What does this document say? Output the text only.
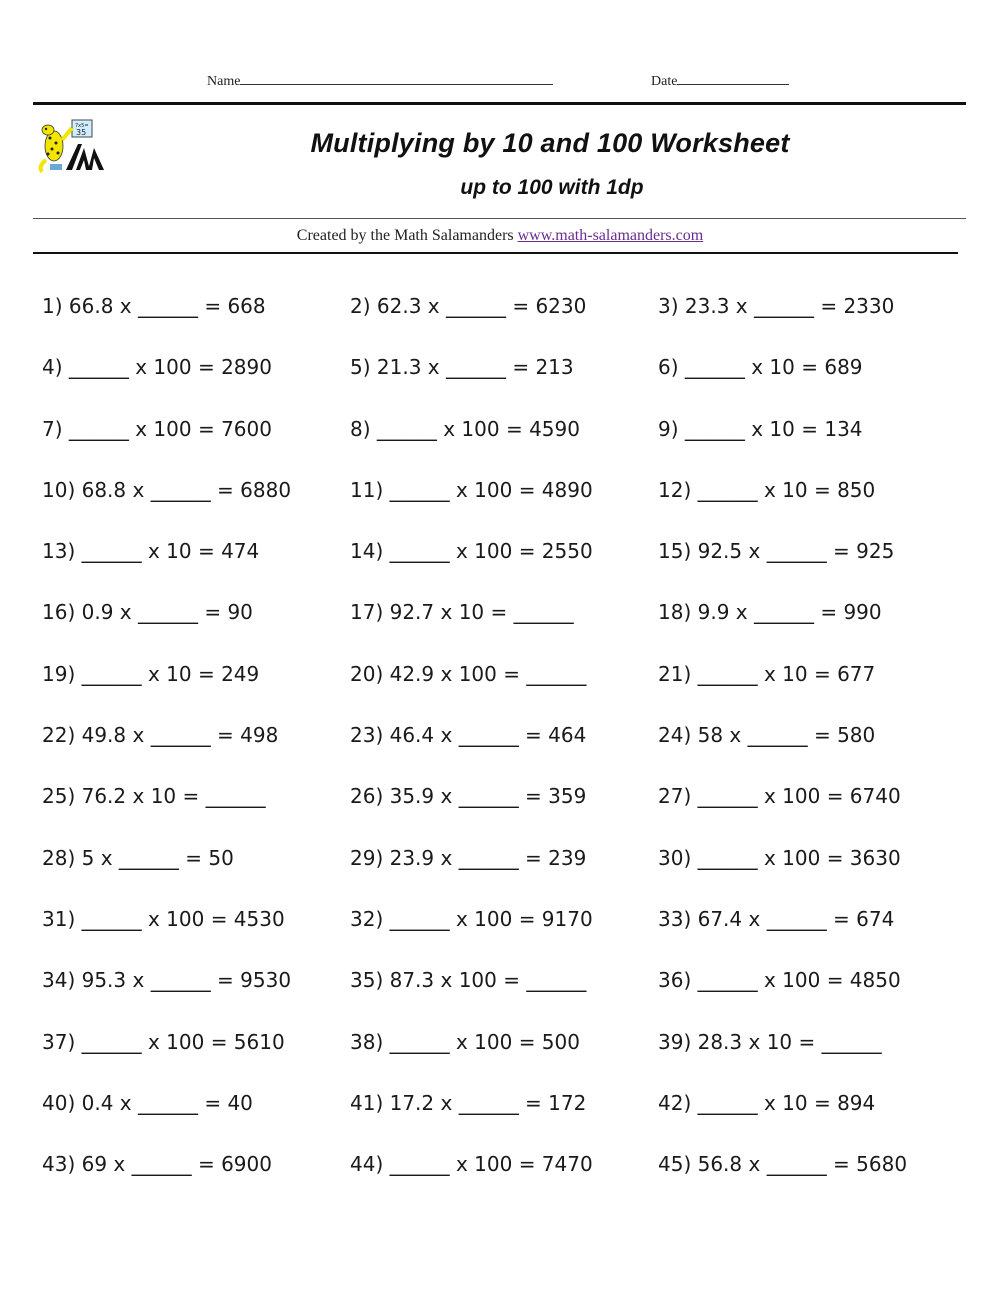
Name	Date
7x5=
35	Multiplying by 10 and 100 Worksheet
up to 100 with 1dp
Created by the Math Salamanders www.math-salamanders.com
1) 66.8 x ______ = 668	2) 62.3 x ______ = 6230	3) 23.3 x ______ = 2330
4) ______ x 100 = 2890	5) 21.3 x ______ = 213	6) ______ x 10 = 689
7) ______ x 100 = 7600	8) ______ x 100 = 4590	9) ______ x 10 = 134
10) 68.8 x ______ = 6880	11) ______ x 100 = 4890	12) ______ x 10 = 850
13) ______ x 10 = 474	14) ______ x 100 = 2550	15) 92.5 x ______ = 925
16) 0.9 x ______ = 90	17) 92.7 x 10 = ______	18) 9.9 x ______ = 990
19) ______ x 10 = 249	20) 42.9 x 100 = ______	21) ______ x 10 = 677
22) 49.8 x ______ = 498	23) 46.4 x ______ = 464	24) 58 x ______ = 580
25) 76.2 x 10 = ______	26) 35.9 x ______ = 359	27) ______ x 100 = 6740
28) 5 x ______ = 50	29) 23.9 x ______ = 239	30) ______ x 100 = 3630
31) ______ x 100 = 4530	32) ______ x 100 = 9170	33) 67.4 x ______ = 674
34) 95.3 x ______ = 9530	35) 87.3 x 100 = ______	36) ______ x 100 = 4850
37) ______ x 100 = 5610	38) ______ x 100 = 500	39) 28.3 x 10 = ______
40) 0.4 x ______ = 40	41) 17.2 x ______ = 172	42) ______ x 10 = 894
43) 69 x ______ = 6900	44) ______ x 100 = 7470	45) 56.8 x ______ = 5680
